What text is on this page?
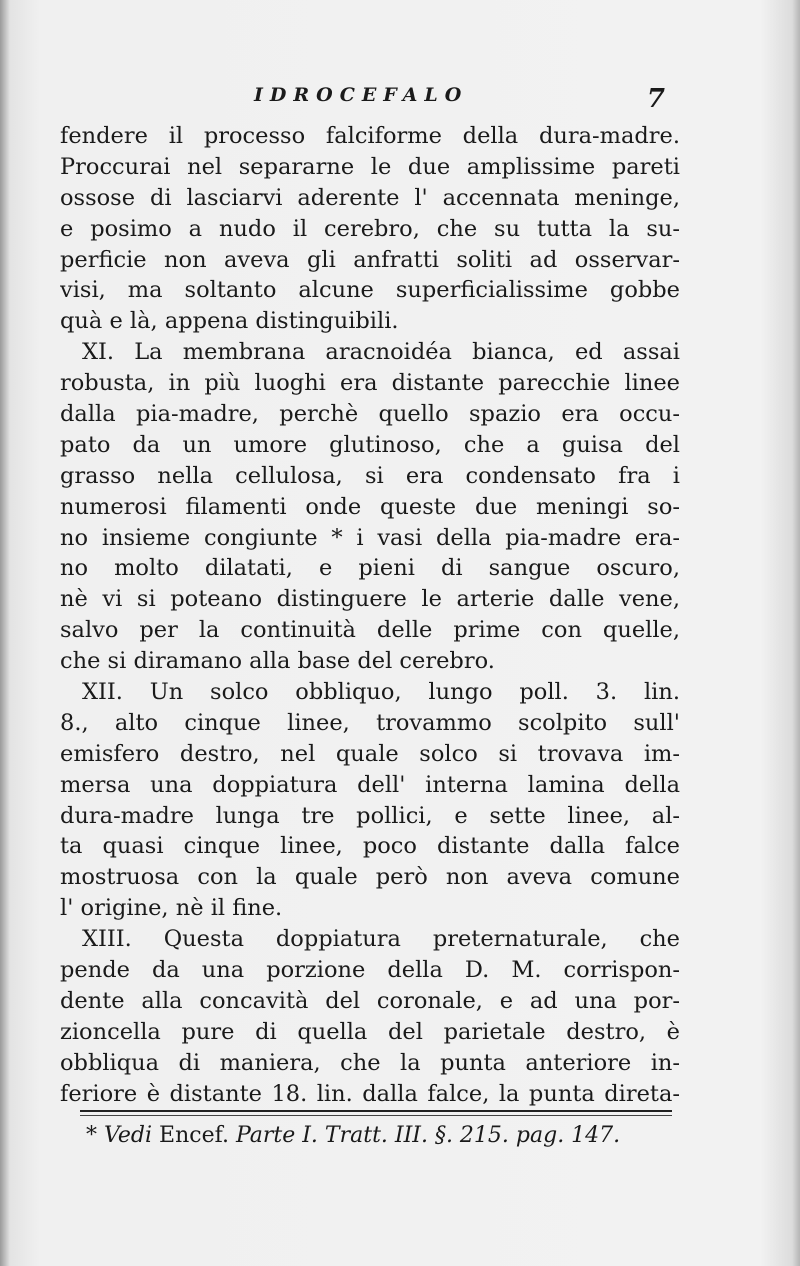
IDROCEFALO	7
fendere il processo falciforme della dura-madre.
Proccurai nel separarne le due amplissime pareti
ossose di lasciarvi aderente l' accennata meninge,
e posimo a nudo il cerebro, che su tutta la su-
perficie non aveva gli anfratti soliti ad osservar-
visi, ma soltanto alcune superficialissime gobbe
quà e là, appena distinguibili.
XI. La membrana aracnoidéa bianca, ed assai
robusta, in più luoghi era distante parecchie linee
dalla pia-madre, perchè quello spazio era occu-
pato da un umore glutinoso, che a guisa del
grasso nella cellulosa, si era condensato fra i
numerosi filamenti onde queste due meningi so-
no insieme congiunte * i vasi della pia-madre era-
no molto dilatati, e pieni di sangue oscuro,
nè vi si poteano distinguere le arterie dalle vene,
salvo per la continuità delle prime con quelle,
che si diramano alla base del cerebro.
XII. Un solco obbliquo, lungo poll. 3. lin.
8., alto cinque linee, trovammo scolpito sull'
emisfero destro, nel quale solco si trovava im-
mersa una doppiatura dell' interna lamina della
dura-madre lunga tre pollici, e sette linee, al-
ta quasi cinque linee, poco distante dalla falce
mostruosa con la quale però non aveva comune
l' origine, nè il fine.
XIII. Questa doppiatura preternaturale, che
pende da una porzione della D. M. corrispon-
dente alla concavità del coronale, e ad una por-
zioncella pure di quella del parietale destro, è
obbliqua di maniera, che la punta anteriore in-
feriore è distante 18. lin. dalla falce, la punta direta-
* Vedi Encef. Parte I. Tratt. III. §. 215. pag. 147.
